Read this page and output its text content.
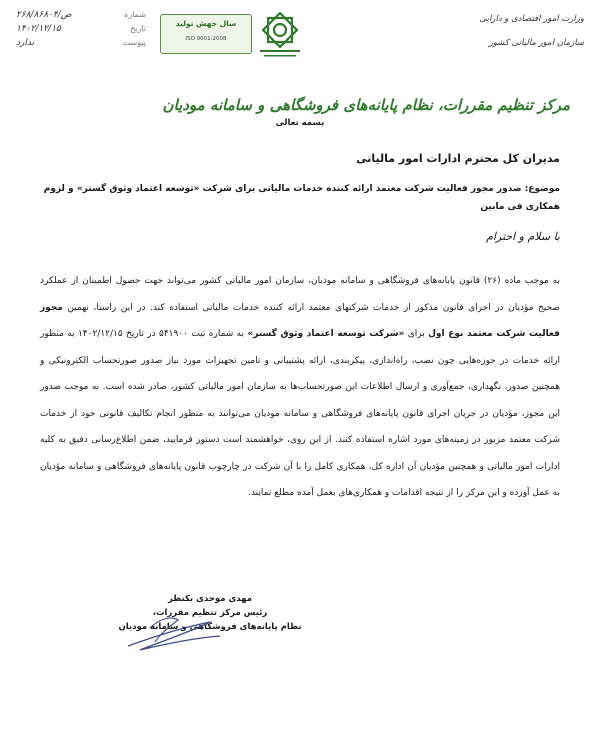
وزارت امور اقتصادی و دارایی
سازمان امور مالیاتی کشور
سال جهش تولید
ISO 9001:2008
شماره
۲۶۸/۸۶۸۰۴/ص
تاریخ
۱۴۰۲/۱۲/۱۵
پیوست
ندارد
مرکز تنظیم مقررات، نظام پایانه‌های فروشگاهی و سامانه مودیان
بسمه تعالی
مدیران کل محترم ادارات امور مالیاتی
موضوع: صدور مجوز فعالیت شرکت معتمد ارائه کننده خدمات مالیاتی برای شرکت «توسعه اعتماد وثوق گستر» و لزوم همکاری فی مابین
با سلام و احترام
به موجب ماده (۲۶) قانون پایانه‌های فروشگاهی و سامانه مودیان، سازمان امور مالیاتی کشور می‌تواند جهت حصول اطمینان از عملکرد صحیح مؤدیان در اجرای قانون مذکور از خدمات شرکتهای معتمد ارائه کننده خدمات مالیاتی استفاده کند. در این راستا، نهمین مجوز فعالیت شرکت معتمد نوع اول برای «شرکت توسعه اعتماد وثوق گستر» به شماره ثبت ۵۴۱۹۰۰ در تاریخ ۱۴۰۲/۱۲/۱۵ به منظور ارائه خدمات در حوزه‌هایی چون نصب، راه‌اندازی، پیکربندی، ارائه پشتیبانی و تامین تجهیزات مورد نیاز صدور صورتحساب الکترونیکی و همچنین صدور، نگهداری، جمع‌آوری و ارسال اطلاعات این صورتحساب‌ها به سازمان امور مالیاتی کشور، صادر شده است. به موجب صدور این مجوز، مؤدیان در جریان اجرای قانون پایانه‌های فروشگاهی و سامانه مودیان می‌توانند به منظور انجام تکالیف قانونی خود از خدمات شرکت معتمد مزبور در زمینه‌های مورد اشاره استفاده کنند. از این روی، خواهشمند است دستور فرمایید، ضمن اطلاع‌رسانی دقیق به کلیه ادارات امور مالیاتی و همچنین مؤدیان آن اداره کل، همکاری کامل را با آن شرکت در چارچوب قانون پایانه‌های فروشگاهی و سامانه مؤدیان به عمل آورده و این مرکز را از نتیجه اقدامات و همکاری‌های بعمل آمده مطلع نمایند.
مهدی موحدی بکنظر
رئیس مرکز تنظیم مقررات،
نظام پایانه‌های فروشگاهی و سامانه مودیان
